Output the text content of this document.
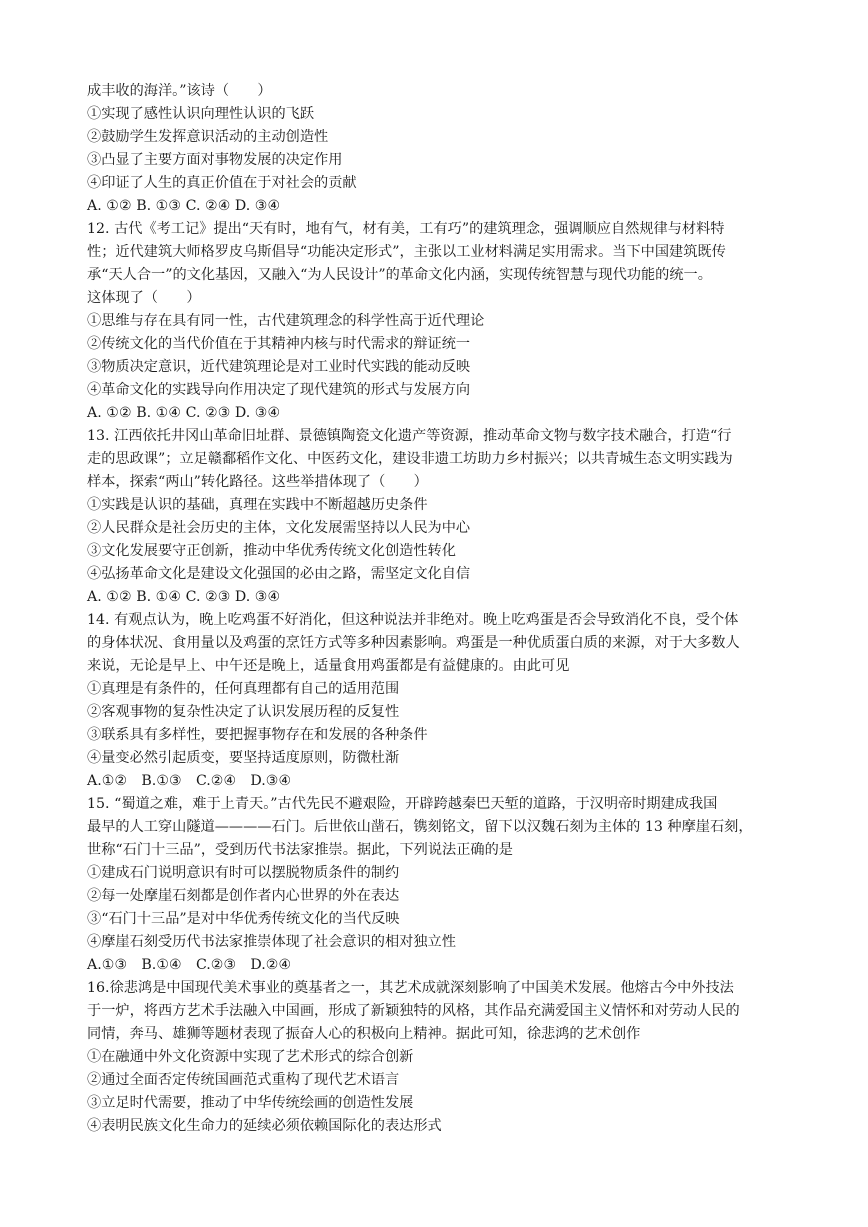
成丰收的海洋。”该诗（　　）
①实现了感性认识向理性认识的飞跃
②鼓励学生发挥意识活动的主动创造性
③凸显了主要方面对事物发展的决定作用
④印证了人生的真正价值在于对社会的贡献
A. ①② B. ①③ C. ②④ D. ③④
12. 古代《考工记》提出“天有时，地有气，材有美，工有巧”的建筑理念，强调顺应自然规律与材料特
性；近代建筑大师格罗皮乌斯倡导“功能决定形式”，主张以工业材料满足实用需求。当下中国建筑既传
承“天人合一”的文化基因，又融入“为人民设计”的革命文化内涵，实现传统智慧与现代功能的统一。
这体现了（　　）
①思维与存在具有同一性，古代建筑理念的科学性高于近代理论
②传统文化的当代价值在于其精神内核与时代需求的辩证统一
③物质决定意识，近代建筑理论是对工业时代实践的能动反映
④革命文化的实践导向作用决定了现代建筑的形式与发展方向
A. ①② B. ①④ C. ②③ D. ③④
13. 江西依托井冈山革命旧址群、景德镇陶瓷文化遗产等资源，推动革命文物与数字技术融合，打造“行
走的思政课”；立足赣鄱稻作文化、中医药文化，建设非遗工坊助力乡村振兴；以共青城生态文明实践为
样本，探索“两山”转化路径。这些举措体现了（　　）
①实践是认识的基础，真理在实践中不断超越历史条件
②人民群众是社会历史的主体，文化发展需坚持以人民为中心
③文化发展要守正创新，推动中华优秀传统文化创造性转化
④弘扬革命文化是建设文化强国的必由之路，需坚定文化自信
A. ①② B. ①④ C. ②③ D. ③④
14. 有观点认为，晚上吃鸡蛋不好消化，但这种说法并非绝对。晚上吃鸡蛋是否会导致消化不良，受个体
的身体状况、食用量以及鸡蛋的烹饪方式等多种因素影响。鸡蛋是一种优质蛋白质的来源，对于大多数人
来说，无论是早上、中午还是晚上，适量食用鸡蛋都是有益健康的。由此可见
①真理是有条件的，任何真理都有自己的适用范围
②客观事物的复杂性决定了认识发展历程的反复性
③联系具有多样性，要把握事物存在和发展的各种条件
④量变必然引起质变，要坚持适度原则，防微杜渐
A.①②　B.①③　C.②④　D.③④
15. “蜀道之难，难于上青天。”古代先民不避艰险，开辟跨越秦巴天堑的道路，于汉明帝时期建成我国
最早的人工穿山隧道————石门。后世依山凿石，镌刻铭文，留下以汉魏石刻为主体的 13 种摩崖石刻，
世称“石门十三品”，受到历代书法家推崇。据此，下列说法正确的是
①建成石门说明意识有时可以摆脱物质条件的制约
②每一处摩崖石刻都是创作者内心世界的外在表达
③“石门十三品”是对中华优秀传统文化的当代反映
④摩崖石刻受历代书法家推崇体现了社会意识的相对独立性
A.①③　B.①④　C.②③　D.②④
16.徐悲鸿是中国现代美术事业的奠基者之一，其艺术成就深刻影响了中国美术发展。他熔古今中外技法
于一炉，将西方艺术手法融入中国画，形成了新颖独特的风格，其作品充满爱国主义情怀和对劳动人民的
同情，奔马、雄狮等题材表现了振奋人心的积极向上精神。据此可知，徐悲鸿的艺术创作
①在融通中外文化资源中实现了艺术形式的综合创新
②通过全面否定传统国画范式重构了现代艺术语言
③立足时代需要，推动了中华传统绘画的创造性发展
④表明民族文化生命力的延续必须依赖国际化的表达形式
